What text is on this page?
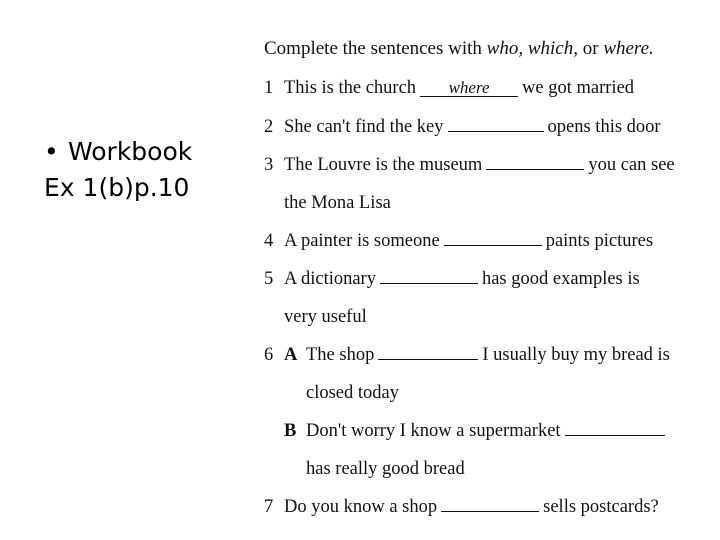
• Workbook
Ex 1(b)p.10
Complete the sentences with who, which, or where.
1 This is the church where we got married
2 She can't find the key	opens this door
3 The Louvre is the museum	you can see
the Mona Lisa
4 A painter is someone	paints pictures
5 A dictionary	has good examples is
very useful
6 A The shop	I usually buy my bread is
closed today
B Don't worry I know a supermarket
has really good bread
7 Do you know a shop	sells postcards?
